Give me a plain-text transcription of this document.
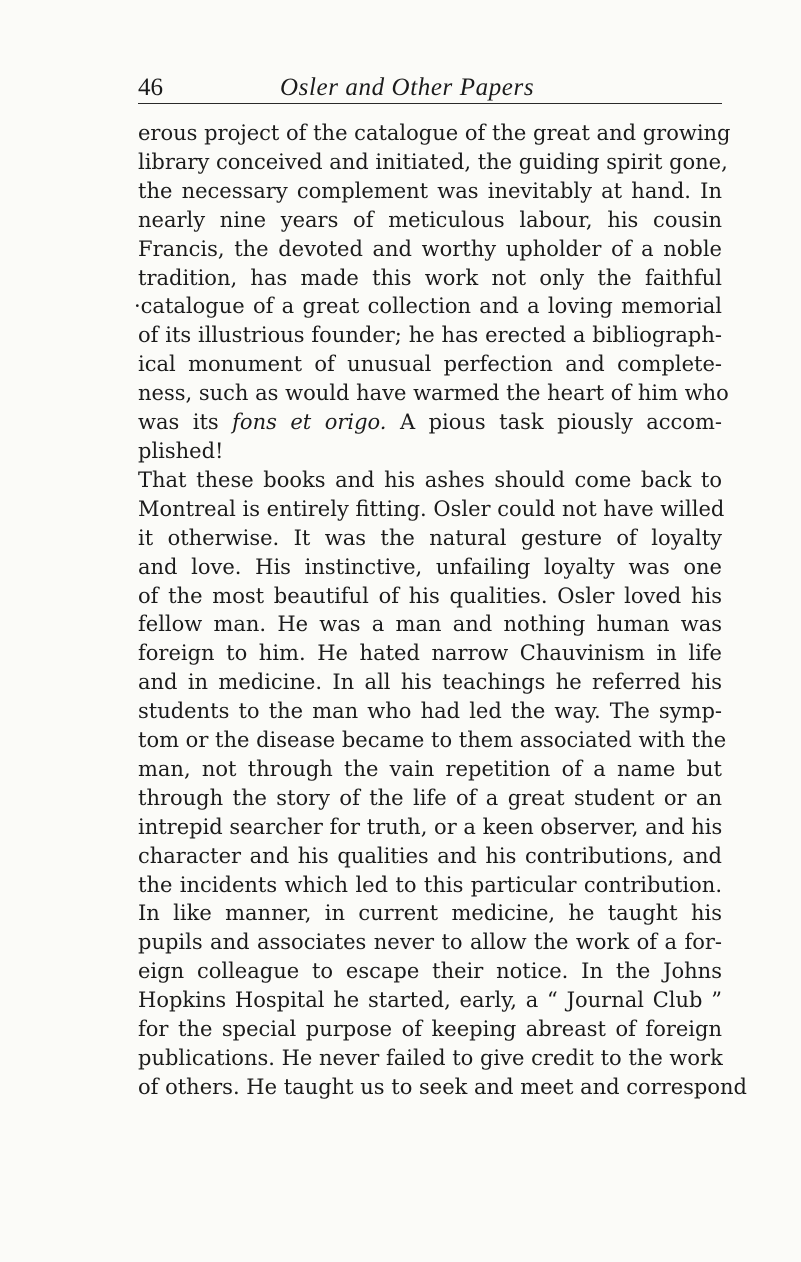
46	Osler and Other Papers

erous project of the catalogue of the great and growing
library conceived and initiated, the guiding spirit gone,
the necessary complement was inevitably at hand. In
nearly nine years of meticulous labour, his cousin
Francis, the devoted and worthy upholder of a noble
tradition, has made this work not only the faithful
·catalogue of a great collection and a loving memorial
of its illustrious founder; he has erected a bibliograph-
ical monument of unusual perfection and complete-
ness, such as would have warmed the heart of him who
was its fons et origo. A pious task piously accom-
plished!

That these books and his ashes should come back to
Montreal is entirely fitting. Osler could not have willed
it otherwise. It was the natural gesture of loyalty
and love. His instinctive, unfailing loyalty was one
of the most beautiful of his qualities. Osler loved his
fellow man. He was a man and nothing human was
foreign to him. He hated narrow Chauvinism in life
and in medicine. In all his teachings he referred his
students to the man who had led the way. The symp-
tom or the disease became to them associated with the
man, not through the vain repetition of a name but
through the story of the life of a great student or an
intrepid searcher for truth, or a keen observer, and his
character and his qualities and his contributions, and
the incidents which led to this particular contribution.
In like manner, in current medicine, he taught his
pupils and associates never to allow the work of a for-
eign colleague to escape their notice. In the Johns
Hopkins Hospital he started, early, a “ Journal Club ”
for the special purpose of keeping abreast of foreign
publications. He never failed to give credit to the work
of others. He taught us to seek and meet and correspond
